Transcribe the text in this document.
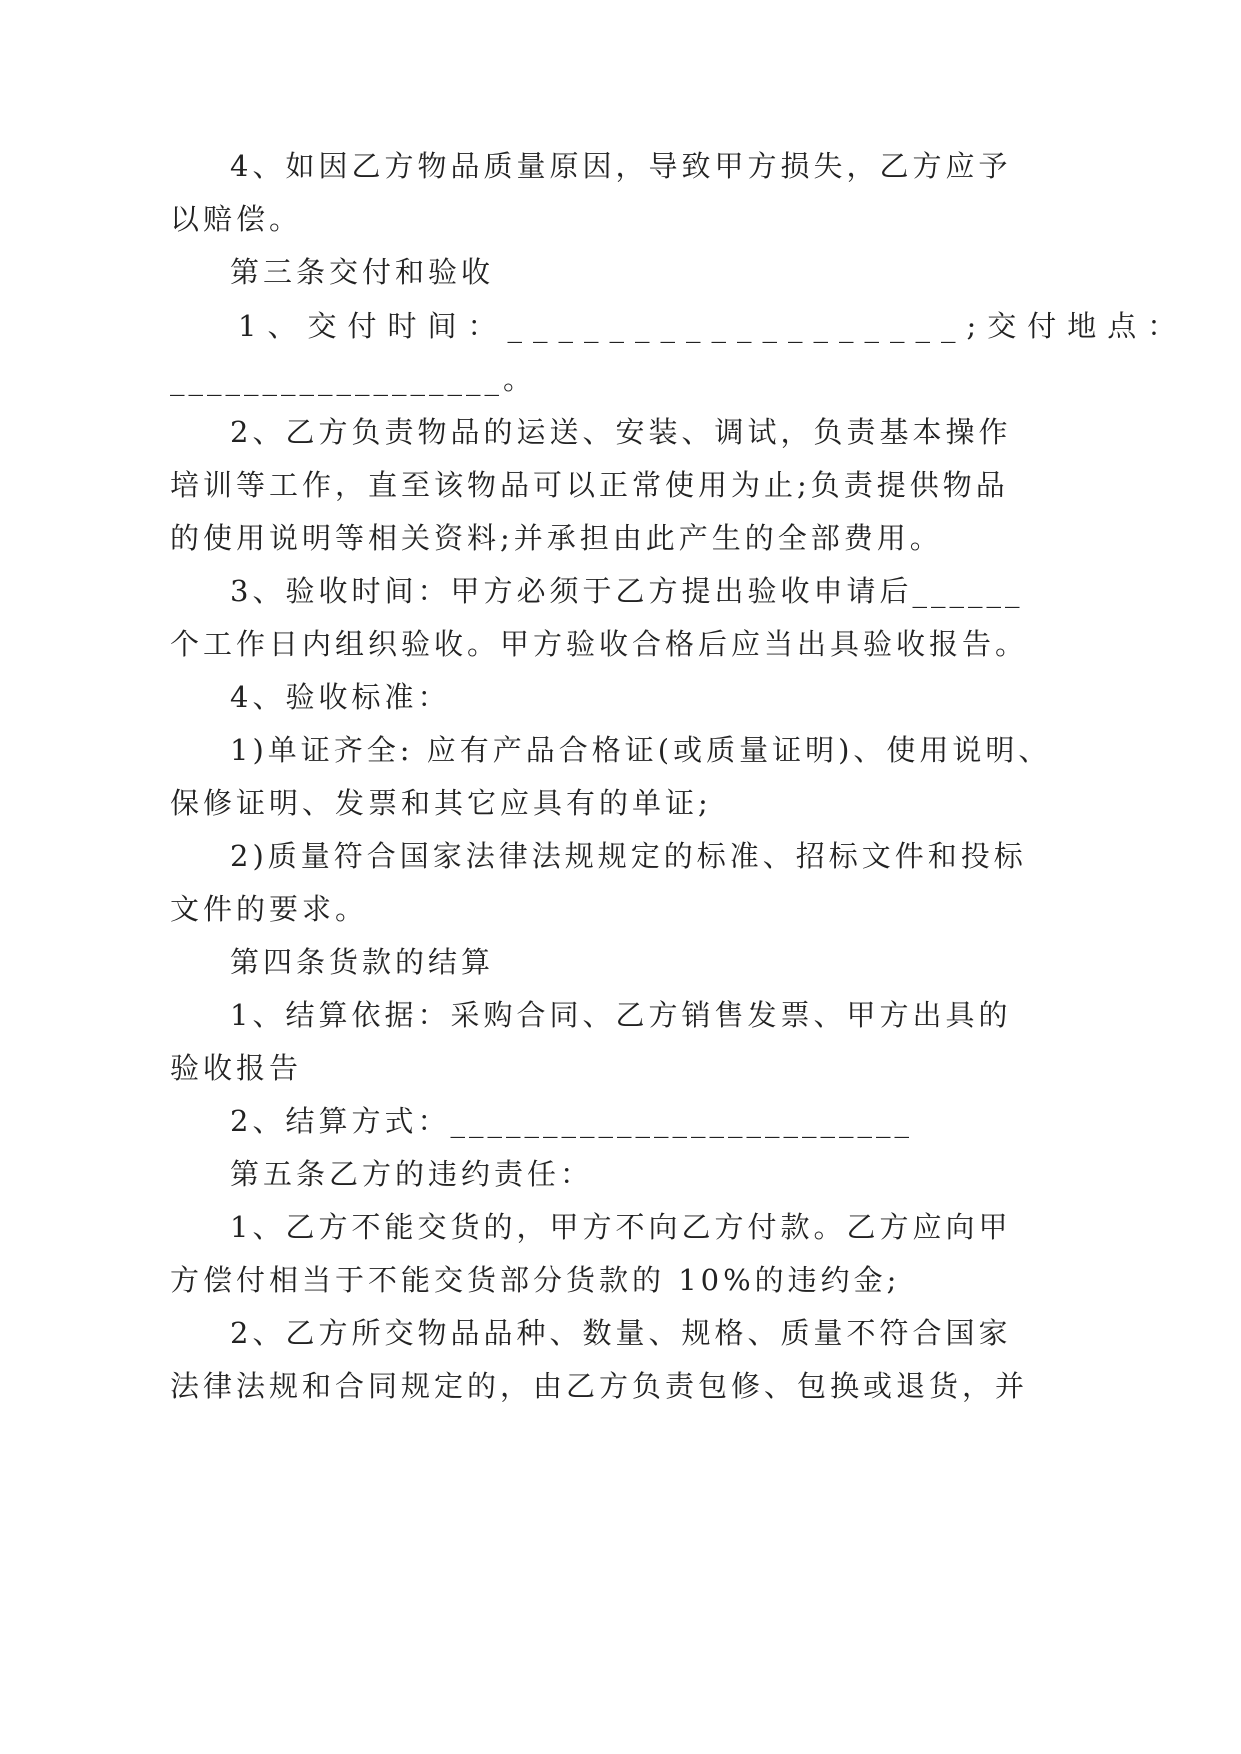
4、如因乙方物品质量原因，导致甲方损失，乙方应予
以赔偿。
第三条交付和验收
1、交付时间：__________________;交付地点：
__________________。
2、乙方负责物品的运送、安装、调试，负责基本操作
培训等工作，直至该物品可以正常使用为止;负责提供物品
的使用说明等相关资料;并承担由此产生的全部费用。
3、验收时间：甲方必须于乙方提出验收申请后______
个工作日内组织验收。甲方验收合格后应当出具验收报告。
4、验收标准：
1)单证齐全: 应有产品合格证(或质量证明)、使用说明、
保修证明、发票和其它应具有的单证;
2)质量符合国家法律法规规定的标准、招标文件和投标
文件的要求。
第四条货款的结算
1、结算依据：采购合同、乙方销售发票、甲方出具的
验收报告
2、结算方式：_________________________
第五条乙方的违约责任：
1、乙方不能交货的，甲方不向乙方付款。乙方应向甲
方偿付相当于不能交货部分货款的 10%的违约金;
2、乙方所交物品品种、数量、规格、质量不符合国家
法律法规和合同规定的，由乙方负责包修、包换或退货，并
